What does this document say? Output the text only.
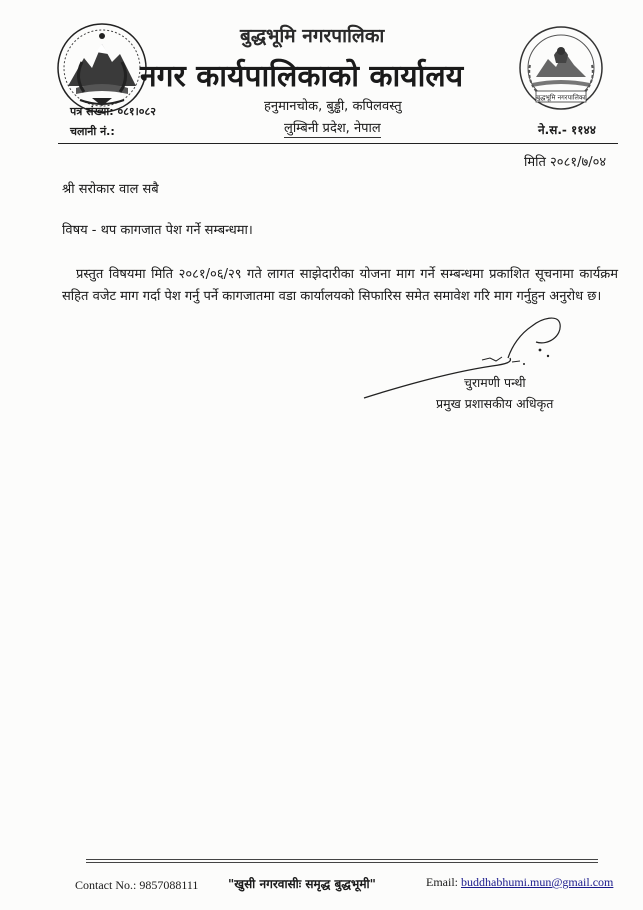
बुद्धभूमि नगरपालिका
नगर कार्यपालिकाको कार्यालय
बुद्धभूमि नगरपालिका
हनुमानचोक, बुड्ढी, कपिलवस्तु
लुम्बिनी प्रदेश, नेपाल
पत्र संख्या: ०८१।०८२
चलानी नं.:	ने.स.- ११४४
मिति २०८१/७/०४
श्री सरोकार वाल सबै
विषय - थप कागजात पेश गर्ने सम्बन्धमा।
प्रस्तुत विषयमा मिति २०८१/०६/२९ गते लागत साझेदारीका योजना माग गर्ने सम्बन्धमा प्रकाशित सूचनामा कार्यक्रम सहित वजेट माग गर्दा पेश गर्नु पर्ने कागजातमा वडा कार्यालयको सिफारिस समेत समावेश गरि माग गर्नुहुन अनुरोध छ।
चुरामणी पन्थी
प्रमुख प्रशासकीय अधिकृत
Contact No.: 9857088111 "खुसी नगरवासीः समृद्ध बुद्धभूमी"	Email: buddhabhumi.mun@gmail.com
